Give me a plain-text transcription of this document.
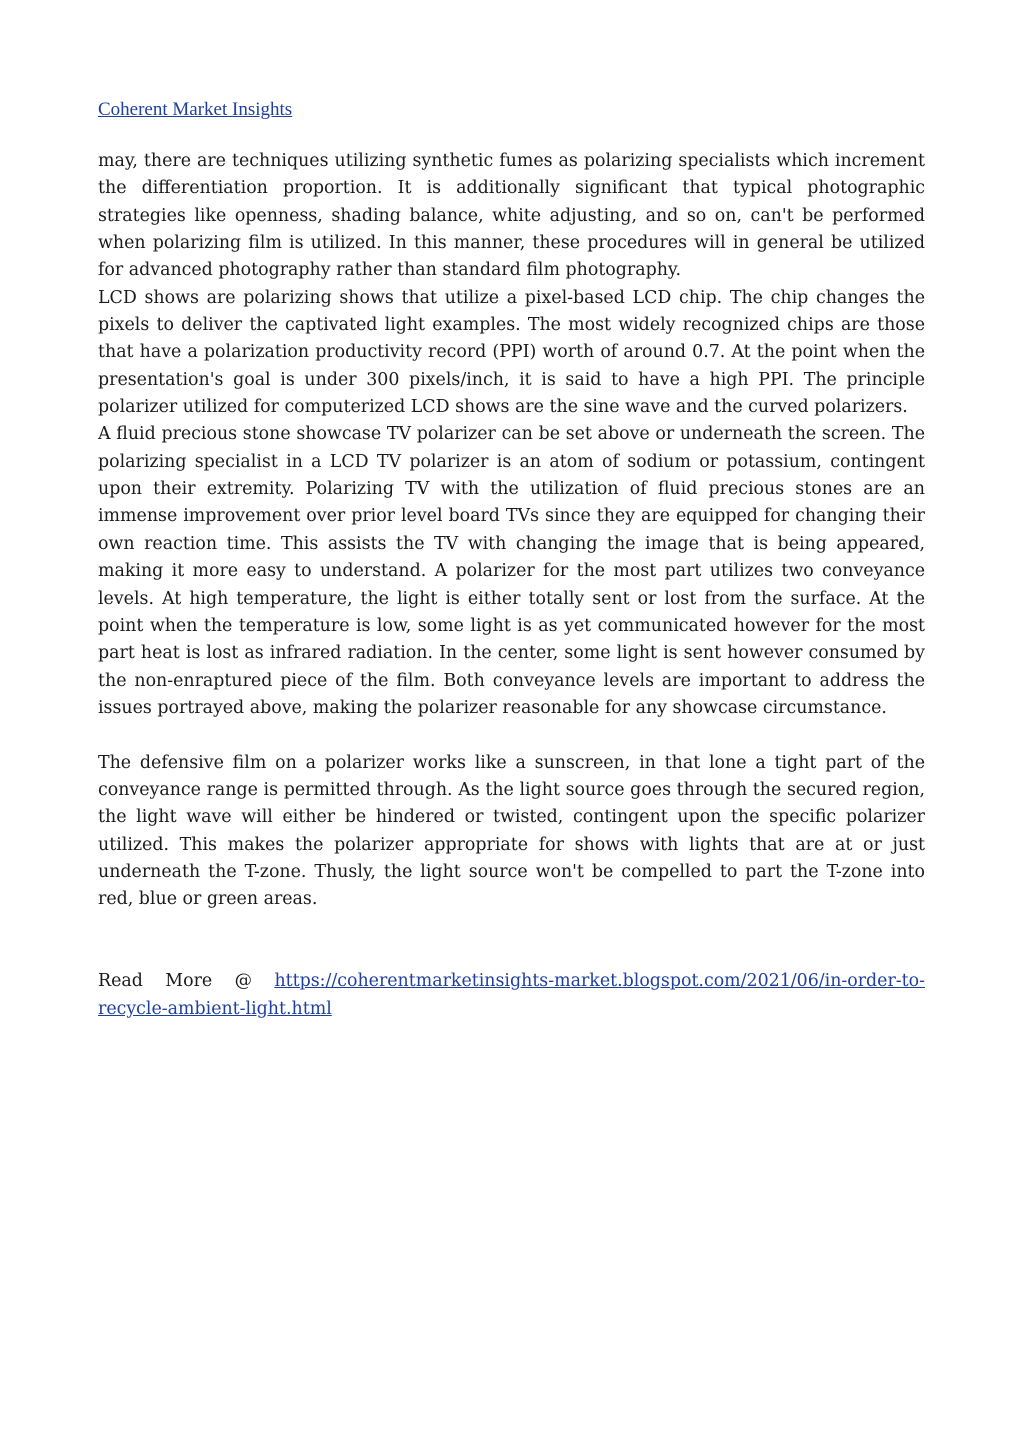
Coherent Market Insights

may, there are techniques utilizing synthetic fumes as polarizing specialists which increment the differentiation proportion. It is additionally significant that typical photographic strategies like openness, shading balance, white adjusting, and so on, can't be performed when polarizing film is utilized. In this manner, these procedures will in general be utilized for advanced photography rather than standard film photography.

LCD shows are polarizing shows that utilize a pixel-based LCD chip. The chip changes the pixels to deliver the captivated light examples. The most widely recognized chips are those that have a polarization productivity record (PPI) worth of around 0.7. At the point when the presentation's goal is under 300 pixels/inch, it is said to have a high PPI. The principle polarizer utilized for computerized LCD shows are the sine wave and the curved polarizers.

A fluid precious stone showcase TV polarizer can be set above or underneath the screen. The polarizing specialist in a LCD TV polarizer is an atom of sodium or potassium, contingent upon their extremity. Polarizing TV with the utilization of fluid precious stones are an immense improvement over prior level board TVs since they are equipped for changing their own reaction time. This assists the TV with changing the image that is being appeared, making it more easy to understand. A polarizer for the most part utilizes two conveyance levels. At high temperature, the light is either totally sent or lost from the surface. At the point when the temperature is low, some light is as yet communicated however for the most part heat is lost as infrared radiation. In the center, some light is sent however consumed by the non-enraptured piece of the film. Both conveyance levels are important to address the issues portrayed above, making the polarizer reasonable for any showcase circumstance.

The defensive film on a polarizer works like a sunscreen, in that lone a tight part of the conveyance range is permitted through. As the light source goes through the secured region, the light wave will either be hindered or twisted, contingent upon the specific polarizer utilized. This makes the polarizer appropriate for shows with lights that are at or just underneath the T-zone. Thusly, the light source won't be compelled to part the T-zone into red, blue or green areas.

Read More @ https://coherentmarketinsights-market.blogspot.com/2021/06/in-order-to-recycle-ambient-light.html
